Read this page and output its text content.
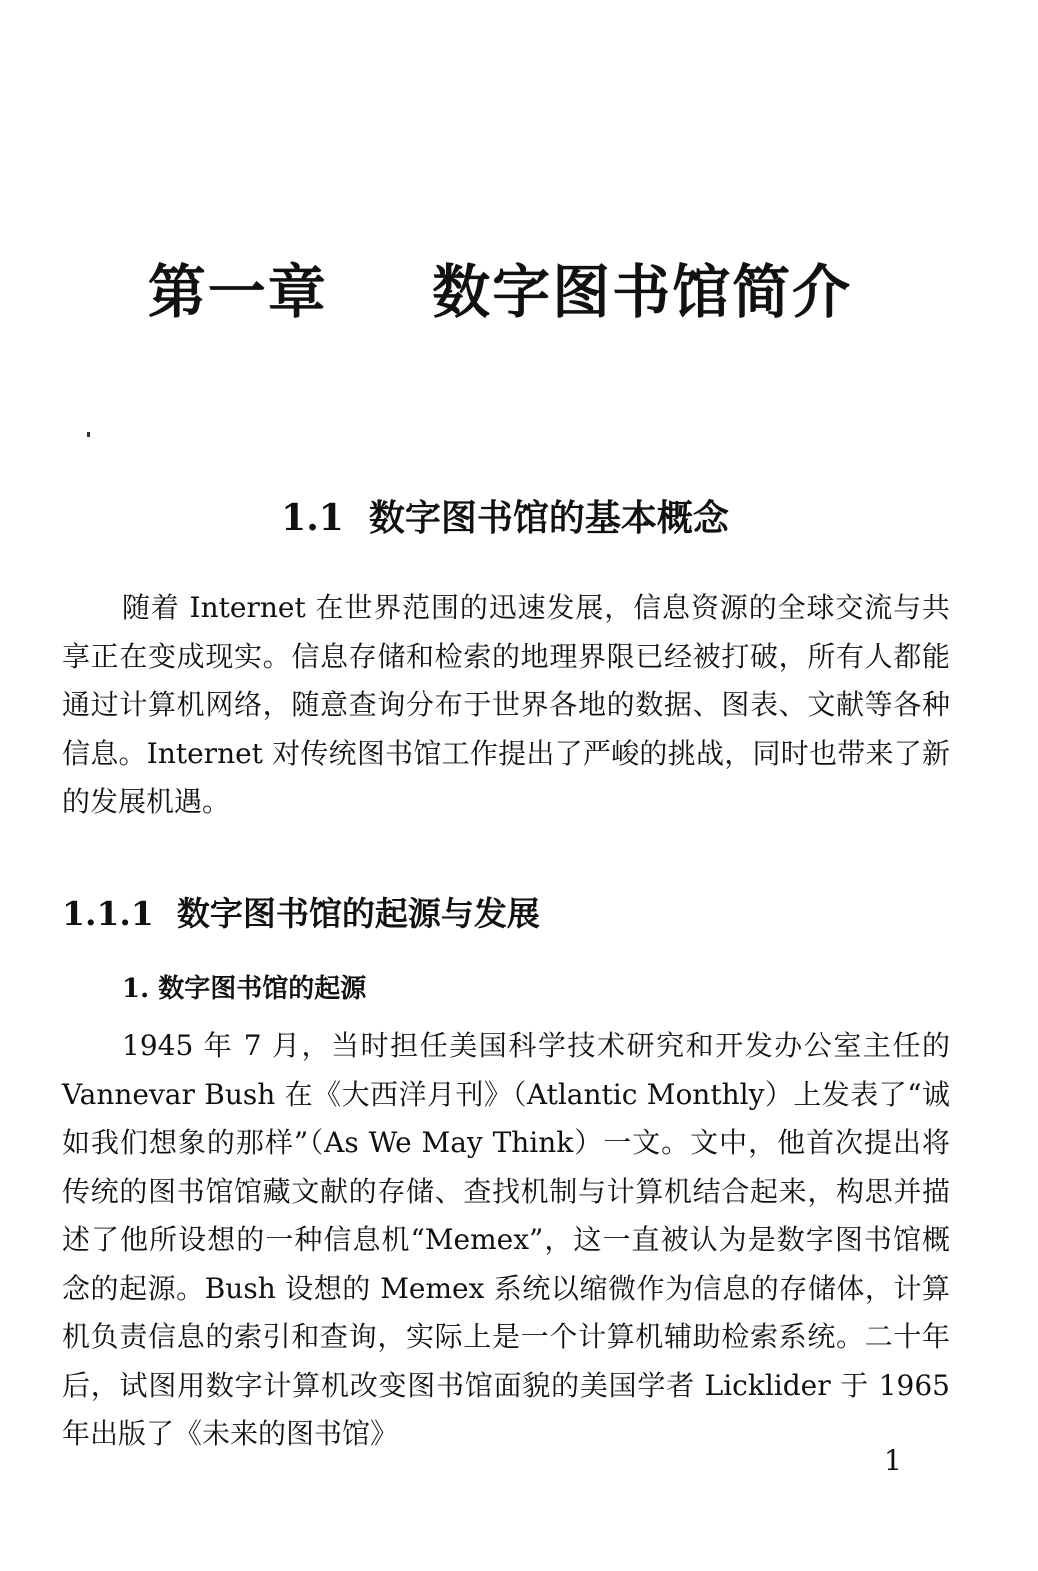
第一章  数字图书馆简介
1.1  数字图书馆的基本概念

随着 Internet 在世界范围的迅速发展，信息资源的全球交流与共享正在变成现实。信息存储和检索的地理界限已经被打破，所有人都能通过计算机网络，随意查询分布于世界各地的数据、图表、文献等各种信息。Internet 对传统图书馆工作提出了严峻的挑战，同时也带来了新的发展机遇。

1.1.1  数字图书馆的起源与发展
1. 数字图书馆的起源

1945 年 7 月，当时担任美国科学技术研究和开发办公室主任的 Vannevar Bush 在《大西洋月刊》（Atlantic Monthly）上发表了“诚如我们想象的那样”（As We May Think）一文。文中，他首次提出将传统的图书馆馆藏文献的存储、查找机制与计算机结合起来，构思并描述了他所设想的一种信息机“Memex”，这一直被认为是数字图书馆概念的起源。Bush 设想的 Memex 系统以缩微作为信息的存储体，计算机负责信息的索引和查询，实际上是一个计算机辅助检索系统。二十年后，试图用数字计算机改变图书馆面貌的美国学者 Licklider 于 1965 年出版了《未来的图书馆》

1
